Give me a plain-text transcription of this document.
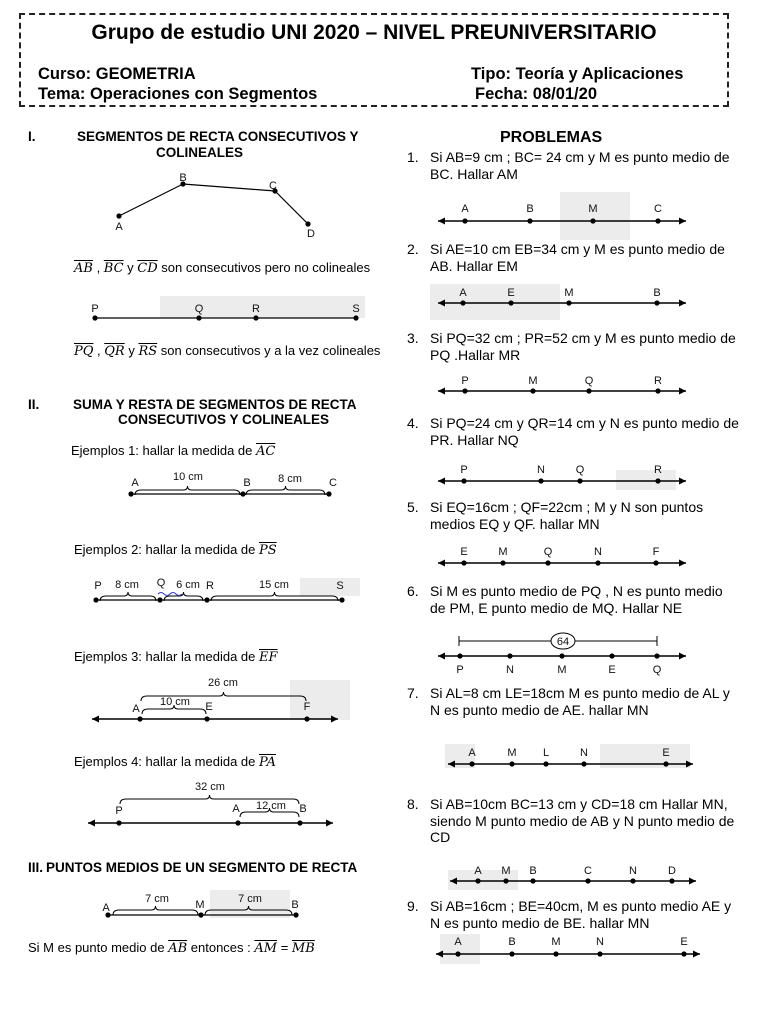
Grupo de estudio UNI 2020 – NIVEL PREUNIVERSITARIO
Curso: GEOMETRIA	Tipo: Teoría y Aplicaciones
Tema: Operaciones con Segmentos	Fecha: 08/01/20
I.	SEGMENTOS DE RECTA CONSECUTIVOS Y
COLINEALES
$\overline{AB}$ , $\overline{BC}$ y $\overline{CD}$ son consecutivos pero no colineales
$\overline{PQ}$ , $\overline{QR}$ y $\overline{RS}$ son consecutivos y a la vez colineales
II. SUMA Y RESTA DE SEGMENTOS DE RECTA
CONSECUTIVOS Y COLINEALES
Ejemplos 1: hallar la medida de $\overline{AC}$
Ejemplos 2: hallar la medida de $\overline{PS}$
Ejemplos 3: hallar la medida de $\overline{EF}$
Ejemplos 4: hallar la medida de $\overline{PA}$
III. PUNTOS MEDIOS DE UN SEGMENTO DE RECTA
Si M es punto medio de $\overline{AB}$ entonces : $\overline{AM} = \overline{MB}$
PROBLEMAS
1. Si AB=9 cm ; BC= 24 cm y M es punto medio de BC. Hallar AM
2. Si AE=10 cm EB=34 cm y M es punto medio de AB. Hallar EM
3. Si PQ=32 cm ; PR=52 cm y M es punto medio de PQ .Hallar MR
4. Si PQ=24 cm y QR=14 cm y N es punto medio de PR. Hallar NQ
5. Si EQ=16cm ; QF=22cm ; M y N son puntos medios EQ y QF. hallar MN
6. Si M es punto medio de PQ , N es punto medio de PM, E punto medio de MQ. Hallar NE
7. Si AL=8 cm LE=18cm M es punto medio de AL y N es punto medio de AE. hallar MN
8. Si AB=10cm BC=13 cm y CD=18 cm Hallar MN, siendo M punto medio de AB y N punto medio de CD
9. Si AB=16cm ; BE=40cm, M es punto medio AE y N es punto medio de BE. hallar MN
A
B
C
D
P	Q	R	S
A	B	C
10 cm	8 cm
P	Q	R	S
8 cm	6 cm	15 cm
A	E	F
26 cm
10 cm
P	A	B
32 cm
12 cm
A	M	B
7 cm	7 cm
A	B	M	C
A	E	M	B
P	M	Q	R
P	N	Q	R
E	M	Q	N	F
P	N	M	E	Q
64
A	M L	N	E
A M B	C	N	D
A	B	M	N	E
